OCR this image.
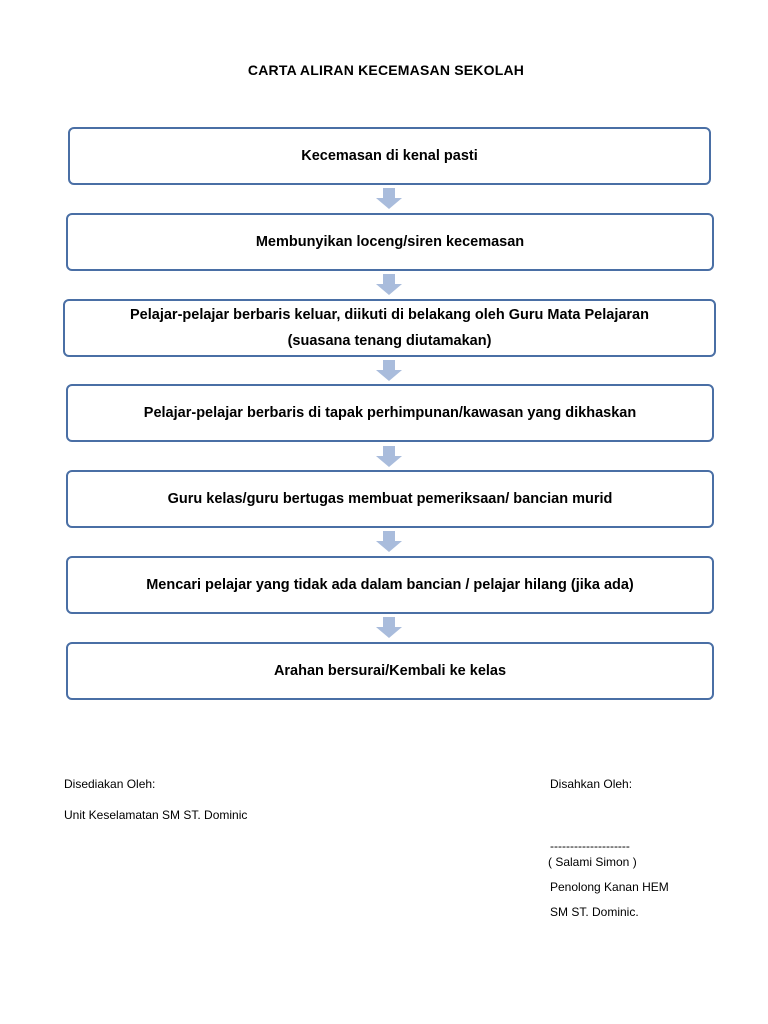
CARTA ALIRAN KECEMASAN SEKOLAH
Kecemasan di kenal pasti
Membunyikan loceng/siren kecemasan
Pelajar-pelajar berbaris keluar, diikuti di belakang oleh Guru Mata Pelajaran
(suasana tenang diutamakan)
Pelajar-pelajar berbaris di tapak perhimpunan/kawasan yang dikhaskan
Guru kelas/guru bertugas membuat pemeriksaan/ bancian murid
Mencari pelajar yang tidak ada dalam bancian / pelajar hilang (jika ada)
Arahan bersurai/Kembali ke kelas
Disediakan Oleh:
Unit Keselamatan SM ST. Dominic
Disahkan Oleh:
--------------------
( Salami Simon )
Penolong Kanan HEM
SM ST. Dominic.
